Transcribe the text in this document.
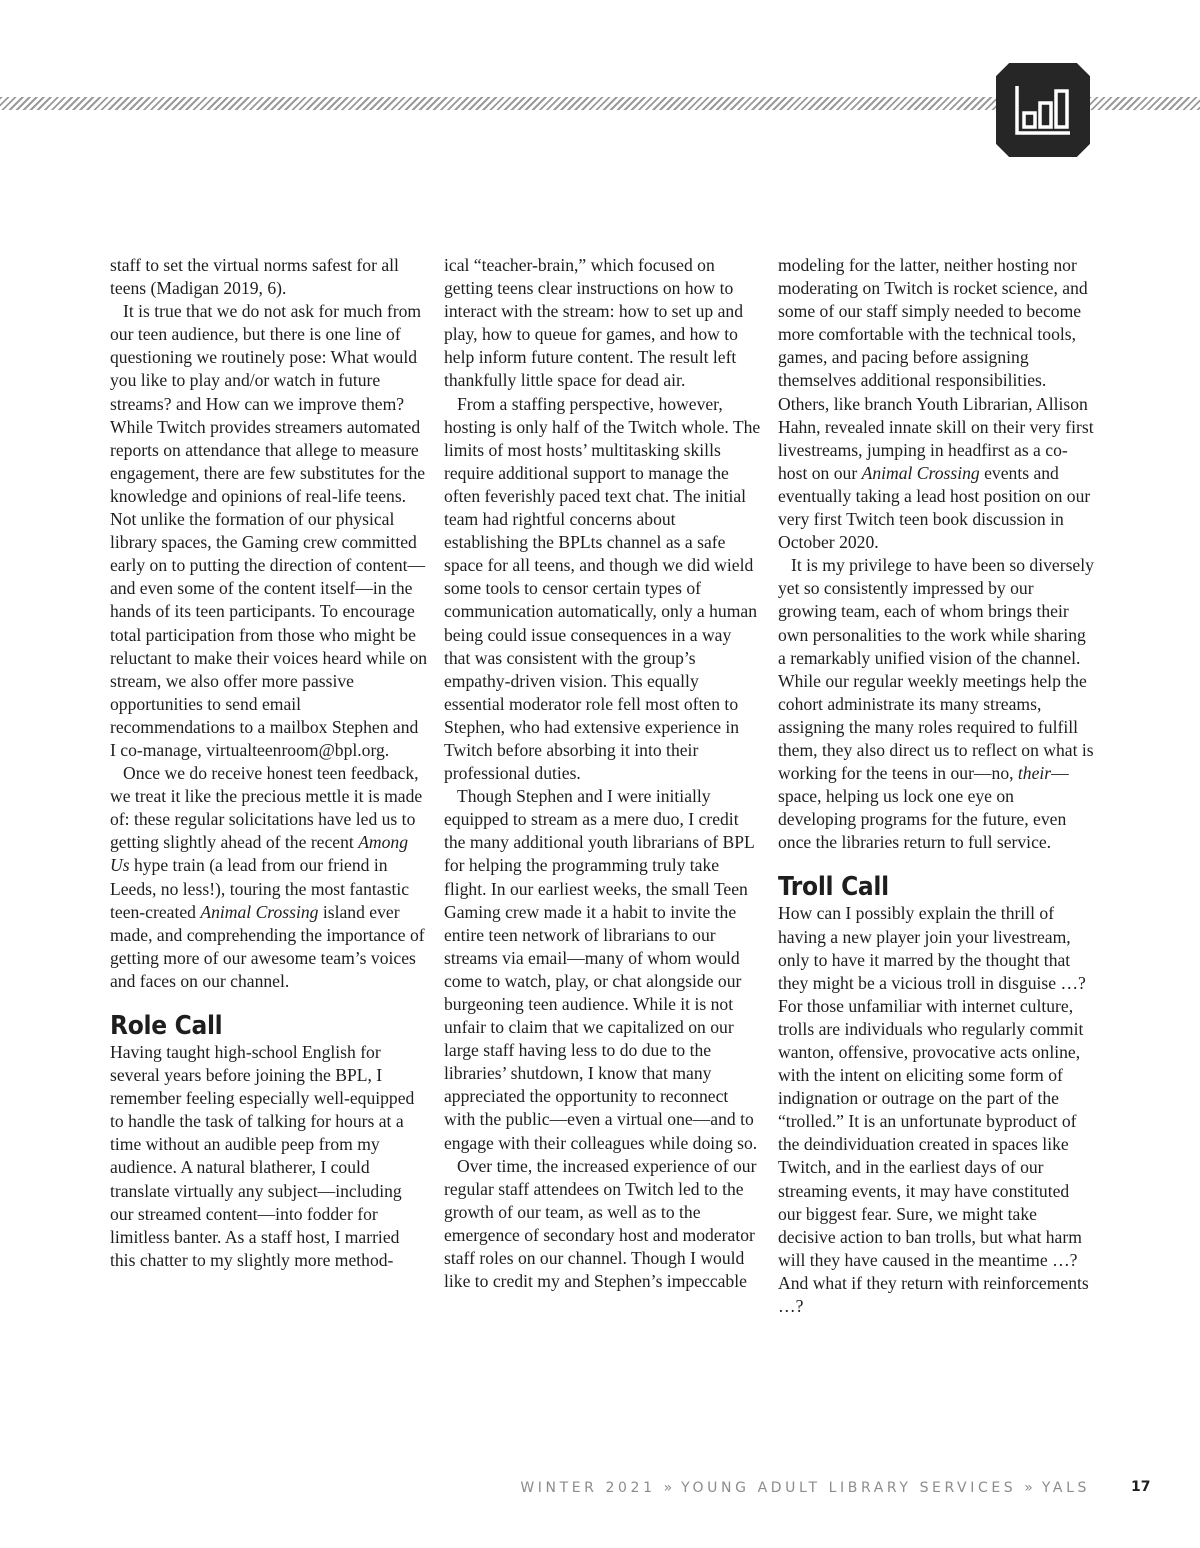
staff to set the virtual norms safest for all teens (Madigan 2019, 6).

It is true that we do not ask for much from our teen audience, but there is one line of questioning we routinely pose: What would you like to play and/or watch in future streams? and How can we improve them? While Twitch provides streamers automated reports on attendance that allege to measure engagement, there are few substitutes for the knowledge and opinions of real-life teens. Not unlike the formation of our physical library spaces, the Gaming crew committed early on to putting the direction of content—and even some of the content itself—in the hands of its teen participants. To encourage total participation from those who might be reluctant to make their voices heard while on stream, we also offer more passive opportunities to send email recommendations to a mailbox Stephen and I co-manage, virtualteenroom@bpl.org.

Once we do receive honest teen feedback, we treat it like the precious mettle it is made of: these regular solicitations have led us to getting slightly ahead of the recent Among Us hype train (a lead from our friend in Leeds, no less!), touring the most fantastic teen-created Animal Crossing island ever made, and comprehending the importance of getting more of our awesome team’s voices and faces on our channel.

Role Call

Having taught high-school English for several years before joining the BPL, I remember feeling especially well-equipped to handle the task of talking for hours at a time without an audible peep from my audience. A natural blatherer, I could translate virtually any subject—including our streamed content—into fodder for limitless banter. As a staff host, I married this chatter to my slightly more method-

ical “teacher-brain,” which focused on getting teens clear instructions on how to interact with the stream: how to set up and play, how to queue for games, and how to help inform future content. The result left thankfully little space for dead air.

From a staffing perspective, however, hosting is only half of the Twitch whole. The limits of most hosts’ multitasking skills require additional support to manage the often feverishly paced text chat. The initial team had rightful concerns about establishing the BPLts channel as a safe space for all teens, and though we did wield some tools to censor certain types of communication automatically, only a human being could issue consequences in a way that was consistent with the group’s empathy-driven vision. This equally essential moderator role fell most often to Stephen, who had extensive experience in Twitch before absorbing it into their professional duties.

Though Stephen and I were initially equipped to stream as a mere duo, I credit the many additional youth librarians of BPL for helping the programming truly take flight. In our earliest weeks, the small Teen Gaming crew made it a habit to invite the entire teen network of librarians to our streams via email—many of whom would come to watch, play, or chat alongside our burgeoning teen audience. While it is not unfair to claim that we capitalized on our large staff having less to do due to the libraries’ shutdown, I know that many appreciated the opportunity to reconnect with the public—even a virtual one—and to engage with their colleagues while doing so.

Over time, the increased experience of our regular staff attendees on Twitch led to the growth of our team, as well as to the emergence of secondary host and moderator staff roles on our channel. Though I would like to credit my and Stephen’s impeccable

modeling for the latter, neither hosting nor moderating on Twitch is rocket science, and some of our staff simply needed to become more comfortable with the technical tools, games, and pacing before assigning themselves additional responsibilities. Others, like branch Youth Librarian, Allison Hahn, revealed innate skill on their very first livestreams, jumping in headfirst as a co-host on our Animal Crossing events and eventually taking a lead host position on our very first Twitch teen book discussion in October 2020.

It is my privilege to have been so diversely yet so consistently impressed by our growing team, each of whom brings their own personalities to the work while sharing a remarkably unified vision of the channel. While our regular weekly meetings help the cohort administrate its many streams, assigning the many roles required to fulfill them, they also direct us to reflect on what is working for the teens in our—no, their—space, helping us lock one eye on developing programs for the future, even once the libraries return to full service.

Troll Call

How can I possibly explain the thrill of having a new player join your livestream, only to have it marred by the thought that they might be a vicious troll in disguise …? For those unfamiliar with internet culture, trolls are individuals who regularly commit wanton, offensive, provocative acts online, with the intent on eliciting some form of indignation or outrage on the part of the “trolled.” It is an unfortunate byproduct of the deindividuation created in spaces like Twitch, and in the earliest days of our streaming events, it may have constituted our biggest fear. Sure, we might take decisive action to ban trolls, but what harm will they have caused in the meantime …? And what if they return with reinforcements …?

WINTER 2021 » YOUNG ADULT LIBRARY SERVICES » YALS	17
